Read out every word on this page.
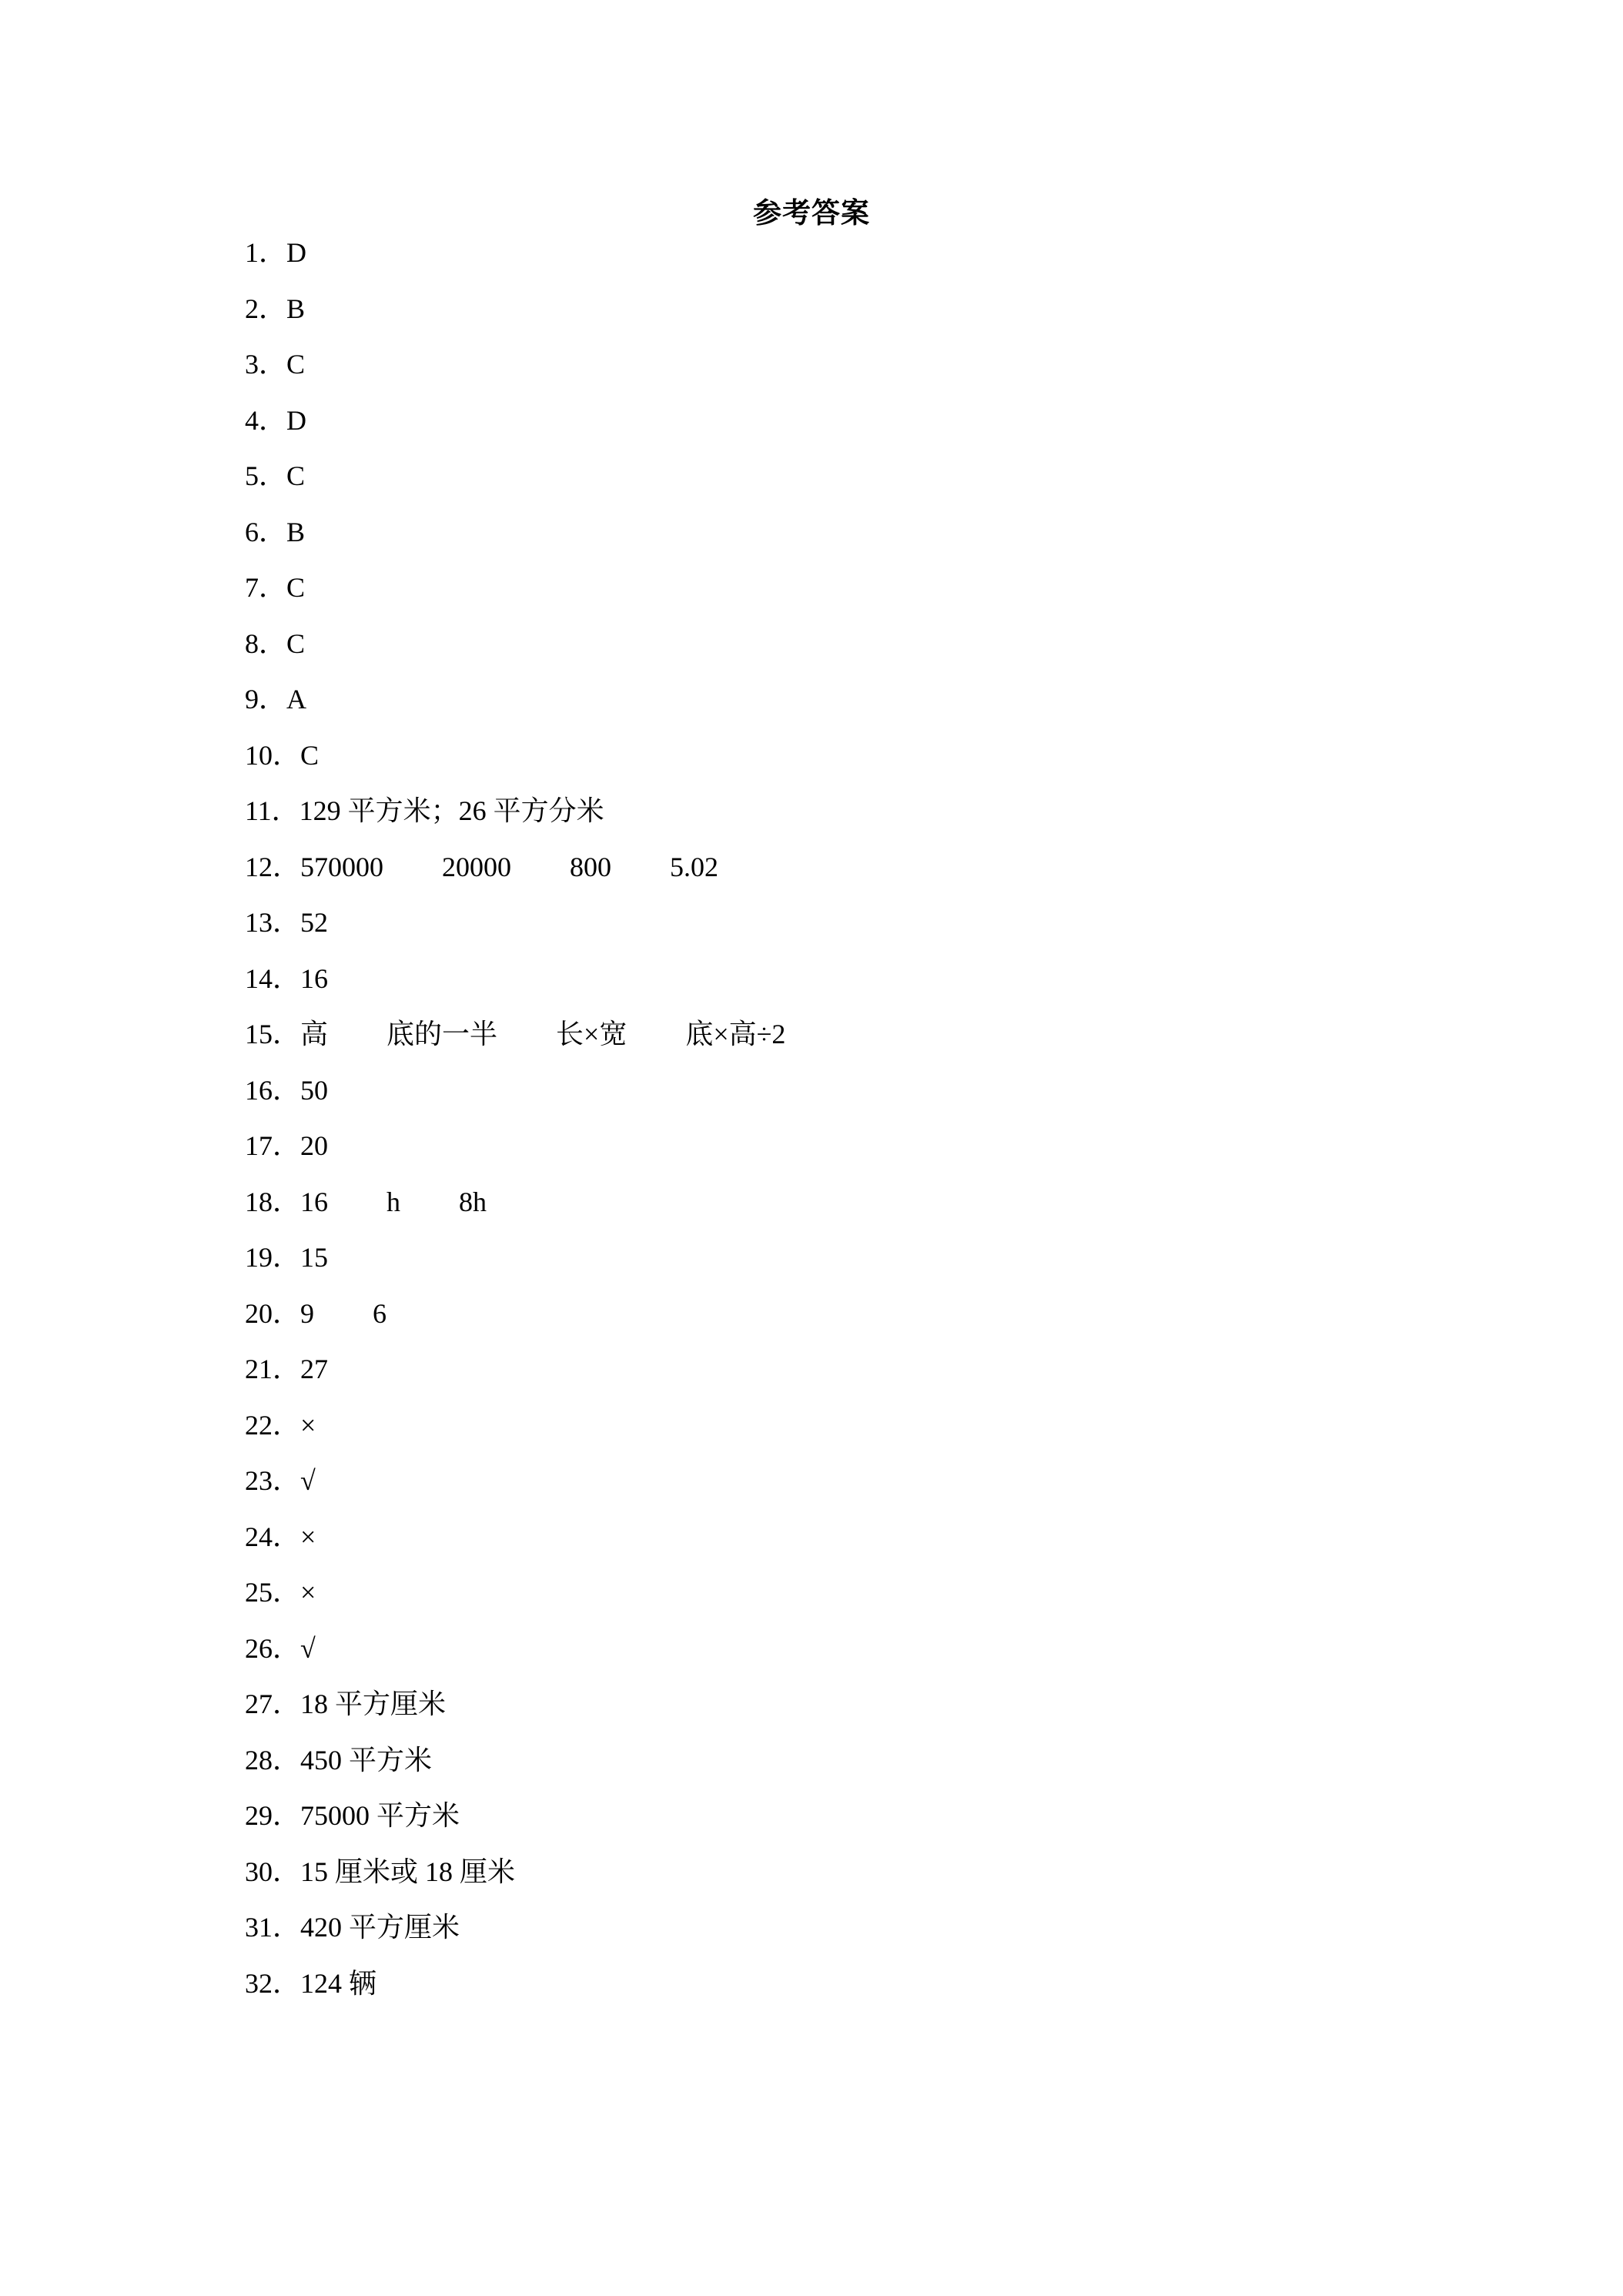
参考答案
1．D
2．B
3．C
4．D
5．C
6．B
7．C
8．C
9．A
10．C
11．129 平方米；26 平方分米
12．570000 20000 800 5.02
13．52
14．16
15．高 底的一半 长×宽 底×高÷2
16．50
17．20
18．16 h 8h
19．15
20．9 6
21．27
22．×
23．√
24．×
25．×
26．√
27．18 平方厘米
28．450 平方米
29．75000 平方米
30．15 厘米或 18 厘米
31．420 平方厘米
32．124 辆
